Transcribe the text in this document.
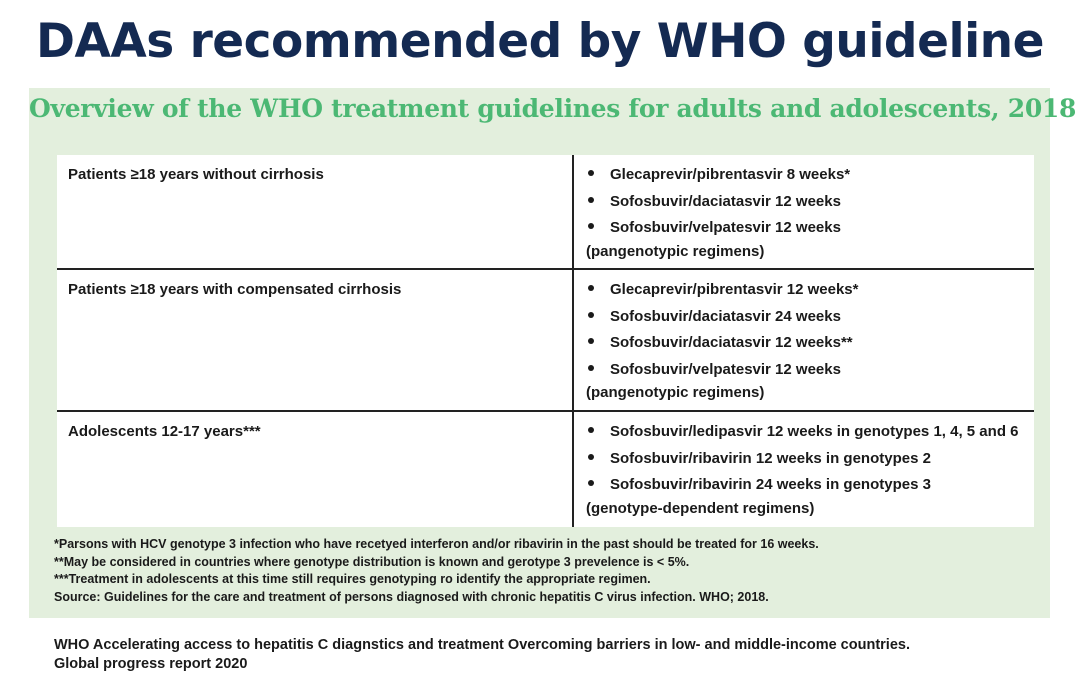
DAAs recommended by WHO guideline
Overview of the WHO treatment guidelines for adults and adolescents, 2018
Patients ≥18 years without cirrhosis	Glecaprevir/pibrentasvir 8 weeks*
Sofosbuvir/daciatasvir 12 weeks
Sofosbuvir/velpatesvir 12 weeks
(pangenotypic regimens)
Patients ≥18 years with compensated cirrhosis	Glecaprevir/pibrentasvir 12 weeks*
Sofosbuvir/daciatasvir 24 weeks
Sofosbuvir/daciatasvir 12 weeks**
Sofosbuvir/velpatesvir 12 weeks
(pangenotypic regimens)
Adolescents 12-17 years***	Sofosbuvir/ledipasvir 12 weeks in genotypes 1, 4, 5 and 6
Sofosbuvir/ribavirin 12 weeks in genotypes 2
Sofosbuvir/ribavirin 24 weeks in genotypes 3
(genotype-dependent regimens)
*Parsons with HCV genotype 3 infection who have recetyed interferon and/or ribavirin in the past should be treated for 16 weeks.
**May be considered in countries where genotype distribution is known and gerotype 3 prevelence is < 5%.
***Treatment in adolescents at this time still requires genotyping ro identify the appropriate regimen.
Source: Guidelines for the care and treatment of persons diagnosed with chronic hepatitis C virus infection. WHO; 2018.
WHO Accelerating access to hepatitis C diagnstics and treatment Overcoming barriers in low- and middle-income countries.
Global progress report 2020
